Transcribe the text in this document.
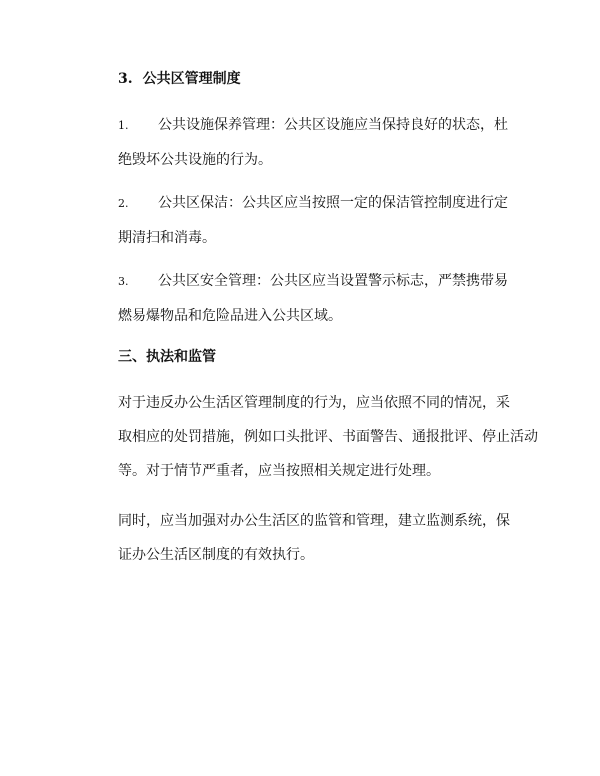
3. 公共区管理制度
1. 公共设施保养管理：公共区设施应当保持良好的状态，杜
绝毁坏公共设施的行为。
2. 公共区保洁：公共区应当按照一定的保洁管控制度进行定
期清扫和消毒。
3. 公共区安全管理：公共区应当设置警示标志，严禁携带易
燃易爆物品和危险品进入公共区域。
三、执法和监管
对于违反办公生活区管理制度的行为，应当依照不同的情况，采
取相应的处罚措施，例如口头批评、书面警告、通报批评、停止活动
等。对于情节严重者，应当按照相关规定进行处理。
同时，应当加强对办公生活区的监管和管理，建立监测系统，保
证办公生活区制度的有效执行。
